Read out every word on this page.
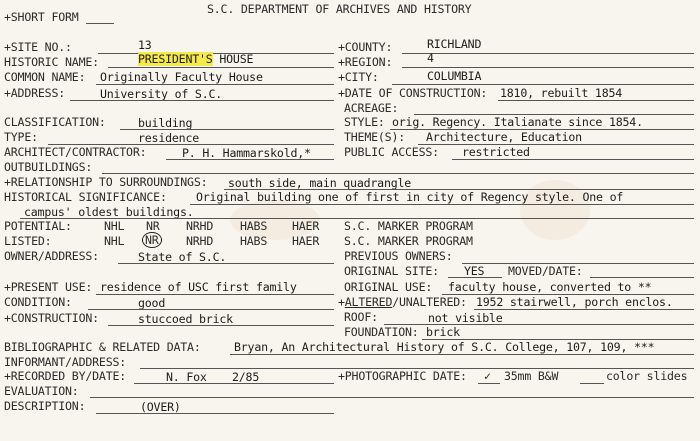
+SHORT FORM
S.C. DEPARTMENT OF ARCHIVES AND HISTORY
+SITE NO.:	13	+COUNTY:	RICHLAND
HISTORIC NAME:	PRESIDENT'S HOUSE	+REGION:	4
COMMON NAME: Originally Faculty House	+CITY:	COLUMBIA
+ADDRESS:	University of S.C.	+DATE OF CONSTRUCTION: 1810, rebuilt 1854
ACREAGE:
CLASSIFICATION:	building	STYLE: orig. Regency. Italianate since 1854.
TYPE:	residence	THEME(S): Architecture, Education
ARCHITECT/CONTRACTOR:	P. H. Hammarskold,*	PUBLIC ACCESS: restricted
OUTBUILDINGS:
+RELATIONSHIP TO SURROUNDINGS: south side, main quadrangle
HISTORICAL SIGNIFICANCE:	Original building one of first in city of Regency style. One of
campus' oldest buildings.
POTENTIAL:	NHL NR NRHD HABS HAER S.C. MARKER PROGRAM
LISTED:	NHL NR NRHD HABS HAER S.C. MARKER PROGRAM
OWNER/ADDRESS:	State of S.C.	PREVIOUS OWNERS:
ORIGINAL SITE: YES MOVED/DATE:
+PRESENT USE: residence of USC first family	ORIGINAL USE: faculty house, converted to **
CONDITION:	good	+ALTERED/UNALTERED: 1952 stairwell, porch enclos.
+CONSTRUCTION:	stuccoed brick	ROOF:	not visible
FOUNDATION: brick
BIBLIOGRAPHIC & RELATED DATA:	Bryan, An Architectural History of S.C. College, 107, 109, ***
INFORMANT/ADDRESS:
+RECORDED BY/DATE:	N. Fox 2/85	+PHOTOGRAPHIC DATE: ✓ 35mm B&W	color slides
EVALUATION:
DESCRIPTION:	(OVER)
